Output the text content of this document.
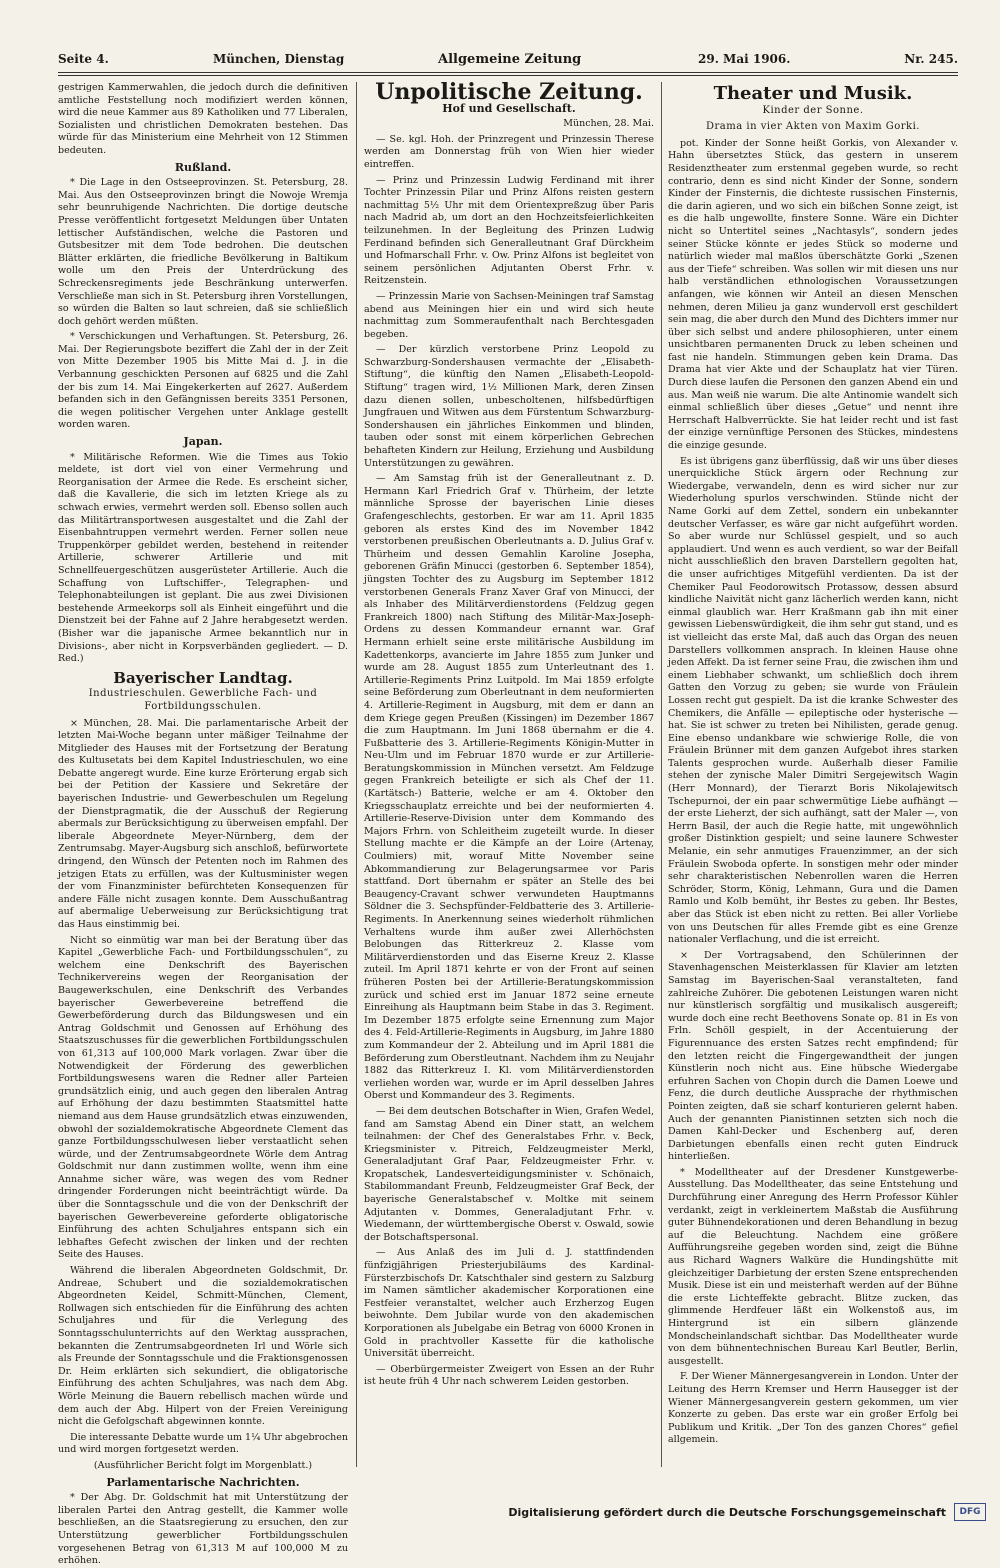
Seite 4.	München, Dienstag	Allgemeine Zeitung	29. Mai 1906.	Nr. 245.

gestrigen Kammerwahlen, die jedoch durch die definitiven amtliche Feststellung noch modifiziert werden können, wird die neue Kammer aus 89 Katholiken und 77 Liberalen, Sozialisten und christlichen Demokraten bestehen. Das würde für das Ministerium eine Mehrheit von 12 Stimmen bedeuten.

Rußland.

* Die Lage in den Ostseeprovinzen. St. Petersburg, 28. Mai. Aus den Ostseeprovinzen bringt die Nowoje Wremja sehr beunruhigende Nachrichten. Die dortige deutsche Presse veröffentlicht fortgesetzt Meldungen über Untaten lettischer Aufständischen, welche die Pastoren und Gutsbesitzer mit dem Tode bedrohen. Die deutschen Blätter erklärten, die friedliche Bevölkerung in Baltikum wolle um den Preis der Unterdrückung des Schreckensregiments jede Beschränkung unterwerfen. Verschließe man sich in St. Petersburg ihren Vorstellungen, so würden die Balten so laut schreien, daß sie schließlich doch gehört werden müßten.

* Verschickungen und Verhaftungen. St. Petersburg, 26. Mai. Der Regierungsbote beziffert die Zahl der in der Zeit von Mitte Dezember 1905 bis Mitte Mai d. J. in die Verbannung geschickten Personen auf 6825 und die Zahl der bis zum 14. Mai Eingekerkerten auf 2627. Außerdem befanden sich in den Gefängnissen bereits 3351 Personen, die wegen politischer Vergehen unter Anklage gestellt worden waren.

Japan.

* Militärische Reformen. Wie die Times aus Tokio meldete, ist dort viel von einer Vermehrung und Reorganisation der Armee die Rede. Es erscheint sicher, daß die Kavallerie, die sich im letzten Kriege als zu schwach erwies, vermehrt werden soll. Ebenso sollen auch das Militärtransportwesen ausgestaltet und die Zahl der Eisenbahntruppen vermehrt werden. Ferner sollen neue Truppenkörper gebildet werden, bestehend in reitender Artillerie, schwerer Artillerie und mit Schnellfeuergeschützen ausgerüsteter Artillerie. Auch die Schaffung von Luftschiffer-, Telegraphen- und Telephonabteilungen ist geplant. Die aus zwei Divisionen bestehende Armeekorps soll als Einheit eingeführt und die Dienstzeit bei der Fahne auf 2 Jahre herabgesetzt werden. (Bisher war die japanische Armee bekanntlich nur in Divisions-, aber nicht in Korpsverbänden gegliedert. — D. Red.)

Bayerischer Landtag.
Industrieschulen. Gewerbliche Fach- und Fortbildungsschulen.

× München, 28. Mai. Die parlamentarische Arbeit der letzten Mai-Woche begann unter mäßiger Teilnahme der Mitglieder des Hauses mit der Fortsetzung der Beratung des Kultusetats bei dem Kapitel Industrieschulen, wo eine Debatte angeregt wurde. Eine kurze Erörterung ergab sich bei der Petition der Kassiere und Sekretäre der bayerischen Industrie- und Gewerbeschulen um Regelung der Dienstpragmatik, die der Ausschuß der Regierung abermals zur Berücksichtigung zu überweisen empfahl. Der liberale Abgeordnete Meyer-Nürnberg, dem der Zentrumsabg. Mayer-Augsburg sich anschloß, befürwortete dringend, den Wünsch der Petenten noch im Rahmen des jetzigen Etats zu erfüllen, was der Kultusminister wegen der vom Finanzminister befürchteten Konsequenzen für andere Fälle nicht zusagen konnte. Dem Ausschußantrag auf abermalige Ueberweisung zur Berücksichtigung trat das Haus einstimmig bei.

Nicht so einmütig war man bei der Beratung über das Kapitel „Gewerbliche Fach- und Fortbildungsschulen“, zu welchem eine Denkschrift des Bayerischen Technikervereins wegen der Reorganisation der Baugewerkschulen, eine Denkschrift des Verbandes bayerischer Gewerbevereine betreffend die Gewerbeförderung durch das Bildungswesen und ein Antrag Goldschmit und Genossen auf Erhöhung des Staatszuschusses für die gewerblichen Fortbildungsschulen von 61,313 auf 100,000 Mark vorlagen. Zwar über die Notwendigkeit der Förderung des gewerblichen Fortbildungswesens waren die Redner aller Parteien grundsätzlich einig, und auch gegen den liberalen Antrag auf Erhöhung der dazu bestimmten Staatsmittel hatte niemand aus dem Hause grundsätzlich etwas einzuwenden, obwohl der sozialdemokratische Abgeordnete Clement das ganze Fortbildungsschulwesen lieber verstaatlicht sehen würde, und der Zentrumsabgeordnete Wörle dem Antrag Goldschmit nur dann zustimmen wollte, wenn ihm eine Annahme sicher wäre, was wegen des vom Redner dringender Forderungen nicht beeinträchtigt würde. Da über die Sonntagsschule und die von der Denkschrift der bayerischen Gewerbevereine geforderte obligatorische Einführung des achten Schuljahres entspann sich ein lebhaftes Gefecht zwischen der linken und der rechten Seite des Hauses.

Während die liberalen Abgeordneten Goldschmit, Dr. Andreae, Schubert und die sozialdemokratischen Abgeordneten Keidel, Schmitt-München, Clement, Rollwagen sich entschieden für die Einführung des achten Schuljahres und für die Verlegung des Sonntagsschulunterrichts auf den Werktag aussprachen, bekannten die Zentrumsabgeordneten Irl und Wörle sich als Freunde der Sonntagsschule und die Fraktionsgenossen Dr. Heim erklärten sich sekundiert, die obligatorische Einführung des achten Schuljahres, was nach dem Abg. Wörle Meinung die Bauern rebellisch machen würde und dem auch der Abg. Hilpert von der Freien Vereinigung nicht die Gefolgschaft abgewinnen konnte.

Die interessante Debatte wurde um 1¼ Uhr abgebrochen und wird morgen fortgesetzt werden.

(Ausführlicher Bericht folgt im Morgenblatt.)

Parlamentarische Nachrichten.

* Der Abg. Dr. Goldschmit hat mit Unterstützung der liberalen Partei den Antrag gestellt, die Kammer wolle beschließen, an die Staatsregierung zu ersuchen, den zur Unterstützung gewerblicher Fortbildungsschulen vorgesehenen Betrag von 61,313 M auf 100,000 M zu erhöhen.

Unpolitische Zeitung.
Hof und Gesellschaft.

München, 28. Mai.

— Se. kgl. Hoh. der Prinzregent und Prinzessin Therese werden am Donnerstag früh von Wien hier wieder eintreffen.

— Prinz und Prinzessin Ludwig Ferdinand mit ihrer Tochter Prinzessin Pilar und Prinz Alfons reisten gestern nachmittag 5½ Uhr mit dem Orientexpreßzug über Paris nach Madrid ab, um dort an den Hochzeitsfeierlichkeiten teilzunehmen. In der Begleitung des Prinzen Ludwig Ferdinand befinden sich Generalleutnant Graf Dürckheim und Hofmarschall Frhr. v. Ow. Prinz Alfons ist begleitet von seinem persönlichen Adjutanten Oberst Frhr. v. Reitzenstein.

— Prinzessin Marie von Sachsen-Meiningen traf Samstag abend aus Meiningen hier ein und wird sich heute nachmittag zum Sommeraufenthalt nach Berchtesgaden begeben.

— Der kürzlich verstorbene Prinz Leopold zu Schwarzburg-Sondershausen vermachte der „Elisabeth-Stiftung“, die künftig den Namen „Elisabeth-Leopold-Stiftung“ tragen wird, 1½ Millionen Mark, deren Zinsen dazu dienen sollen, unbescholtenen, hilfsbedürftigen Jungfrauen und Witwen aus dem Fürstentum Schwarzburg-Sondershausen ein jährliches Einkommen und blinden, tauben oder sonst mit einem körperlichen Gebrechen behafteten Kindern zur Heilung, Erziehung und Ausbildung Unterstützungen zu gewähren.

— Am Samstag früh ist der Generalleutnant z. D. Hermann Karl Friedrich Graf v. Thürheim, der letzte männliche Sprosse der bayerischen Linie dieses Grafengeschlechts, gestorben. Er war am 11. April 1835 geboren als erstes Kind des im November 1842 verstorbenen preußischen Oberleutnants a. D. Julius Graf v. Thürheim und dessen Gemahlin Karoline Josepha, geborenen Gräfin Minucci (gestorben 6. September 1854), jüngsten Tochter des zu Augsburg im September 1812 verstorbenen Generals Franz Xaver Graf von Minucci, der als Inhaber des Militärverdienstordens (Feldzug gegen Frankreich 1800) nach Stiftung des Militär-Max-Joseph-Ordens zu dessen Kommandeur ernannt war. Graf Hermann erhielt seine erste militärische Ausbildung im Kadettenkorps, avancierte im Jahre 1855 zum Junker und wurde am 28. August 1855 zum Unterleutnant des 1. Artillerie-Regiments Prinz Luitpold. Im Mai 1859 erfolgte seine Beförderung zum Oberleutnant in dem neuformierten 4. Artillerie-Regiment in Augsburg, mit dem er dann an dem Kriege gegen Preußen (Kissingen) im Dezember 1867 die zum Hauptmann. Im Juni 1868 übernahm er die 4. Fußbatterie des 3. Artillerie-Regiments Königin-Mutter in Neu-Ulm und im Februar 1870 wurde er zur Artillerie-Beratungskommission in München versetzt. Am Feldzuge gegen Frankreich beteiligte er sich als Chef der 11. (Kartätsch-) Batterie, welche er am 4. Oktober den Kriegsschauplatz erreichte und bei der neuformierten 4. Artillerie-Reserve-Division unter dem Kommando des Majors Frhrn. von Schleitheim zugeteilt wurde. In dieser Stellung machte er die Kämpfe an der Loire (Artenay, Coulmiers) mit, worauf Mitte November seine Abkommandierung zur Belagerungsarmee vor Paris stattfand. Dort übernahm er später an Stelle des bei Beaugency-Cravant schwer verwundeten Hauptmanns Söldner die 3. Sechspfünder-Feldbatterie des 3. Artillerie-Regiments. In Anerkennung seines wiederholt rühmlichen Verhaltens wurde ihm außer zwei Allerhöchsten Belobungen das Ritterkreuz 2. Klasse vom Militärverdienstorden und das Eiserne Kreuz 2. Klasse zuteil. Im April 1871 kehrte er von der Front auf seinen früheren Posten bei der Artillerie-Beratungskommission zurück und schied erst im Januar 1872 seine erneute Einreihung als Hauptmann beim Stabe in das 3. Regiment. Im Dezember 1875 erfolgte seine Ernennung zum Major des 4. Feld-Artillerie-Regiments in Augsburg, im Jahre 1880 zum Kommandeur der 2. Abteilung und im April 1881 die Beförderung zum Oberstleutnant. Nachdem ihm zu Neujahr 1882 das Ritterkreuz I. Kl. vom Militärverdienstorden verliehen worden war, wurde er im April desselben Jahres Oberst und Kommandeur des 3. Regiments.

— Bei dem deutschen Botschafter in Wien, Grafen Wedel, fand am Samstag Abend ein Diner statt, an welchem teilnahmen: der Chef des Generalstabes Frhr. v. Beck, Kriegsminister v. Pitreich, Feldzeugmeister Merkl, Generaladjutant Graf Paar, Feldzeugmeister Frhr. v. Kropatschek, Landesverteidigungsminister v. Schönaich, Stabilommandant Freunb, Feldzeugmeister Graf Beck, der bayerische Generalstabschef v. Moltke mit seinem Adjutanten v. Dommes, Generaladjutant Frhr. v. Wiedemann, der württembergische Oberst v. Oswald, sowie der Botschaftspersonal.

— Aus Anlaß des im Juli d. J. stattfindenden fünfzigjährigen Priesterjubiläums des Kardinal-Fürsterzbischofs Dr. Katschthaler sind gestern zu Salzburg im Namen sämtlicher akademischer Korporationen eine Festfeier veranstaltet, welcher auch Erzherzog Eugen beiwohnte. Dem Jubilar wurde von den akademischen Korporationen als Jubelgabe ein Betrag von 6000 Kronen in Gold in prachtvoller Kassette für die katholische Universität überreicht.

— Oberbürgermeister Zweigert von Essen an der Ruhr ist heute früh 4 Uhr nach schwerem Leiden gestorben.

Theater und Musik.
Kinder der Sonne.
Drama in vier Akten von Maxim Gorki.

pot. Kinder der Sonne heißt Gorkis, von Alexander v. Hahn übersetztes Stück, das gestern in unserem Residenztheater zum erstenmal gegeben wurde, so recht contrario, denn es sind nicht Kinder der Sonne, sondern Kinder der Finsternis, die dichteste russischen Finsternis, die darin agieren, und wo sich ein bißchen Sonne zeigt, ist es die halb ungewollte, finstere Sonne. Wäre ein Dichter nicht so Untertitel seines „Nachtasyls“, sondern jedes seiner Stücke könnte er jedes Stück so moderne und natürlich wieder mal maßlos überschätzte Gorki „Szenen aus der Tiefe“ schreiben. Was sollen wir mit diesen uns nur halb verständlichen ethnologischen Voraussetzungen anfangen, wie können wir Anteil an diesen Menschen nehmen, deren Milieu ja ganz wundervoll erst geschildert sein mag, die aber durch den Mund des Dichters immer nur über sich selbst und andere philosophieren, unter einem unsichtbaren permanenten Druck zu leben scheinen und fast nie handeln. Stimmungen geben kein Drama. Das Drama hat vier Akte und der Schauplatz hat vier Türen. Durch diese laufen die Personen den ganzen Abend ein und aus. Man weiß nie warum. Die alte Antinomie wandelt sich einmal schließlich über dieses „Getue“ und nennt ihre Herrschaft Halbverrückte. Sie hat leider recht und ist fast der einzige vernünftige Personen des Stückes, mindestens die einzige gesunde.

Es ist übrigens ganz überflüssig, daß wir uns über dieses unerquickliche Stück ärgern oder Rechnung zur Wiedergabe, verwandeln, denn es wird sicher nur zur Wiederholung spurlos verschwinden. Stünde nicht der Name Gorki auf dem Zettel, sondern ein unbekannter deutscher Verfasser, es wäre gar nicht aufgeführt worden. So aber wurde nur Schlüssel gespielt, und so auch applaudiert. Und wenn es auch verdient, so war der Beifall nicht ausschließlich den braven Darstellern gegolten hat, die unser aufrichtiges Mitgefühl verdienten. Da ist der Chemiker Paul Feodorowitsch Protassow, dessen absurd kindliche Naivität nicht ganz lächerlich werden kann, nicht einmal glaublich war. Herr Kraßmann gab ihn mit einer gewissen Liebenswürdigkeit, die ihm sehr gut stand, und es ist vielleicht das erste Mal, daß auch das Organ des neuen Darstellers vollkommen ansprach. In kleinen Hause ohne jeden Affekt. Da ist ferner seine Frau, die zwischen ihm und einem Liebhaber schwankt, um schließlich doch ihrem Gatten den Vorzug zu geben; sie wurde von Fräulein Lossen recht gut gespielt. Da ist die kranke Schwester des Chemikers, die Anfälle — epileptische oder hysterische — hat. Sie ist schwer zu treten bei Nihilisten, gerade genug. Eine ebenso undankbare wie schwierige Rolle, die von Fräulein Brünner mit dem ganzen Aufgebot ihres starken Talents gesprochen wurde. Außerhalb dieser Familie stehen der zynische Maler Dimitri Sergejewitsch Wagin (Herr Monnard), der Tierarzt Boris Nikolajewitsch Tschepurnoi, der ein paar schwermütige Liebe aufhängt — der erste Lieherzt, der sich aufhängt, satt der Maler —, von Herrn Basil, der auch die Regie hatte, mit ungewöhnlich großer Distinktion gespielt; und seine launere Schwester Melanie, ein sehr anmutiges Frauenzimmer, an der sich Fräulein Swoboda opferte. In sonstigen mehr oder minder sehr charakteristischen Nebenrollen waren die Herren Schröder, Storm, König, Lehmann, Gura und die Damen Ramlo und Kolb bemüht, ihr Bestes zu geben. Ihr Bestes, aber das Stück ist eben nicht zu retten. Bei aller Vorliebe von uns Deutschen für alles Fremde gibt es eine Grenze nationaler Verflachung, und die ist erreicht.

× Der Vortragsabend, den Schülerinnen der Stavenhagenschen Meisterklassen für Klavier am letzten Samstag im Bayerischen-Saal veranstalteten, fand zahlreiche Zuhörer. Die gebotenen Leistungen waren nicht nur künstlerisch sorgfältig und musikalisch ausgereift; wurde doch eine recht Beethovens Sonate op. 81 in Es von Frln. Schöll gespielt, in der Accentuierung der Figurennuance des ersten Satzes recht empfindend; für den letzten reicht die Fingergewandtheit der jungen Künstlerin noch nicht aus. Eine hübsche Wiedergabe erfuhren Sachen von Chopin durch die Damen Loewe und Fenz, die durch deutliche Aussprache der rhythmischen Pointen zeigten, daß sie scharf konturieren gelernt haben. Auch der genannten Pianistinnen setzten sich noch die Damen Kahl-Decker und Eschenberg auf, deren Darbietungen ebenfalls einen recht guten Eindruck hinterließen.

* Modelltheater auf der Dresdener Kunstgewerbe-Ausstellung. Das Modelltheater, das seine Entstehung und Durchführung einer Anregung des Herrn Professor Kühler verdankt, zeigt in verkleinertem Maßstab die Ausführung guter Bühnendekorationen und deren Behandlung in bezug auf die Beleuchtung. Nachdem eine größere Aufführungsreihe gegeben worden sind, zeigt die Bühne aus Richard Wagners Walküre die Hundingshütte mit gleichzeitiger Darbietung der ersten Szene entsprechenden Musik. Diese ist ein und meisterhaft werden auf der Bühne die erste Lichteffekte gebracht. Blitze zucken, das glimmende Herdfeuer läßt ein Wolkenstoß aus, im Hintergrund ist ein silbern glänzende Mondscheinlandschaft sichtbar. Das Modelltheater wurde von dem bühnentechnischen Bureau Karl Beutler, Berlin, ausgestellt.

F. Der Wiener Männergesangverein in London. Unter der Leitung des Herrn Kremser und Herrn Hausegger ist der Wiener Männergesangverein gestern gekommen, um vier Konzerte zu geben. Das erste war ein großer Erfolg bei Publikum und Kritik. „Der Ton des ganzen Chores“ gefiel allgemein.

Digitalisierung gefördert durch die Deutsche Forschungsgemeinschaft	DFG
